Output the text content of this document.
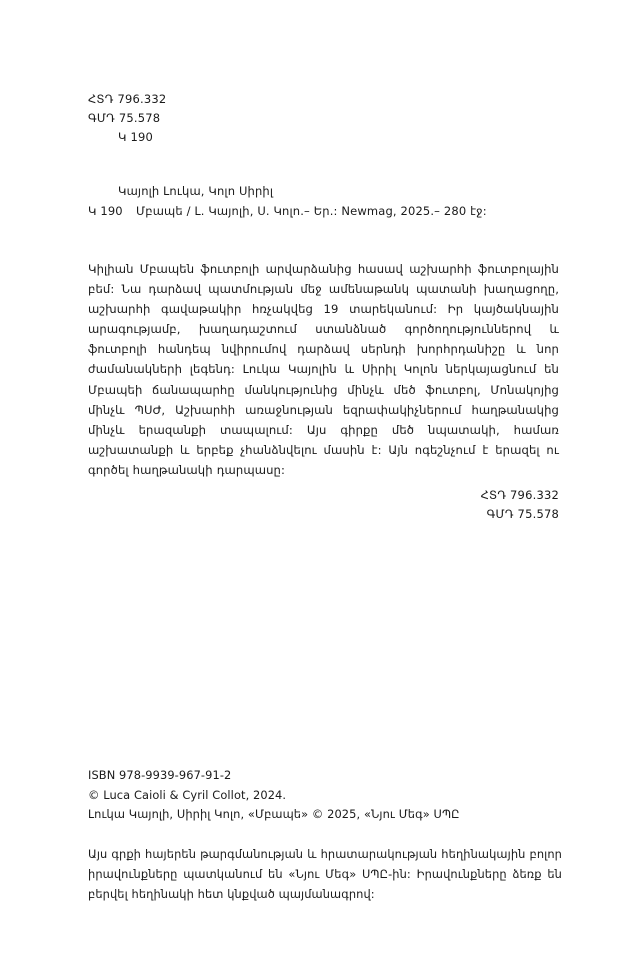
ՀՏԴ 796.332
ԳՄԴ 75.578
Կ 190
Կայոլի Լուկա, Կոլո Սիրիլ
Կ 190	Մբապե / Լ. Կայոլի, Ս. Կոլո.– Եր.: Newmag, 2025.– 280 էջ:

Կիլիան Մբապեն ֆուտբոլի արվարձանից հասավ աշխարհի ֆուտբոլային բեմ: Նա դարձավ պատմության մեջ ամենաթանկ պատանի խաղացողը, աշխարհի գավաթակիր հռչակվեց 19 տարեկանում: Իր կայծակնային արագությամբ, խաղադաշտում ստանձնած գործողություններով և ֆուտբոլի հանդեպ նվիրումով դարձավ սերնդի խորհրդանիշը և նոր ժամանակների լեգենդ: Լուկա Կայոլին և Սիրիլ Կոլոն ներկայացնում են Մբապեի ճանապարհը մանկությունից մինչև մեծ ֆուտբոլ, Մոնակոյից մինչև ՊՍԺ, Աշխարհի առաջնության եզրափակիչներում հաղթանակից մինչև երազանքի տապալում: Այս գիրքը մեծ նպատակի, համառ աշխատանքի և երբեք չհանձնվելու մասին է: Այն ոգեշնչում է երազել ու գործել հաղթանակի դարպասը:

ՀՏԴ 796.332
ԳՄԴ 75.578
ISBN 978-9939-967-91-2
© Luca Caioli & Cyril Collot, 2024.
Լուկա Կայոլի, Սիրիլ Կոլո, «Մբապե» © 2025, «Նյու Մեգ» ՍՊԸ

Այս գրքի հայերեն թարգմանության և հրատարակության հեղինակային բոլոր իրավունքները պատկանում են «Նյու Մեգ» ՍՊԸ-ին: Իրավունքները ձեռք են բերվել հեղինակի հետ կնքված պայմանագրով:
